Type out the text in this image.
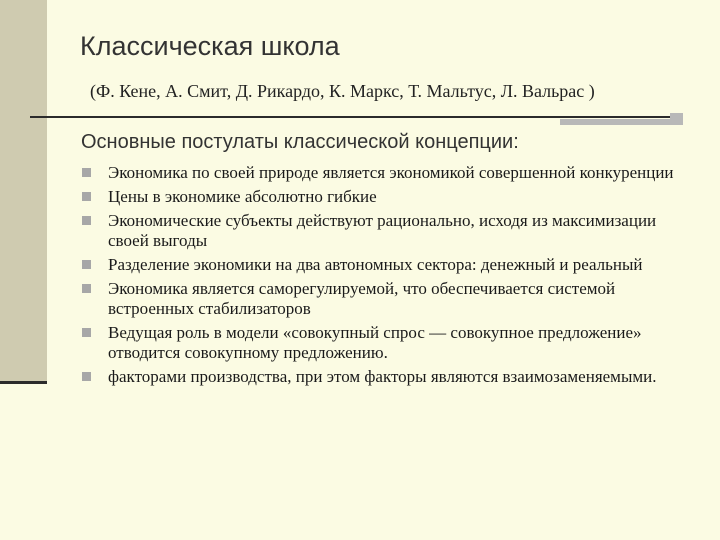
Классическая школа
(Ф. Кене, А. Смит, Д. Рикардо, К. Маркс, Т. Мальтус, Л. Вальрас )
Основные постулаты классической концепции:
Экономика по своей природе является экономикой совершенной конкуренции
Цены в экономике абсолютно гибкие
Экономические субъекты действуют рационально, исходя из максимизации своей выгоды
Разделение экономики на два автономных сектора: денежный и реальный
Экономика является саморегулируемой, что обеспечивается системой встроенных стабилизаторов
Ведущая роль в модели «совокупный спрос — совокупное предложение» отводится совокупному предложению.
факторами производства, при этом факторы являются взаимозаменяемыми.
